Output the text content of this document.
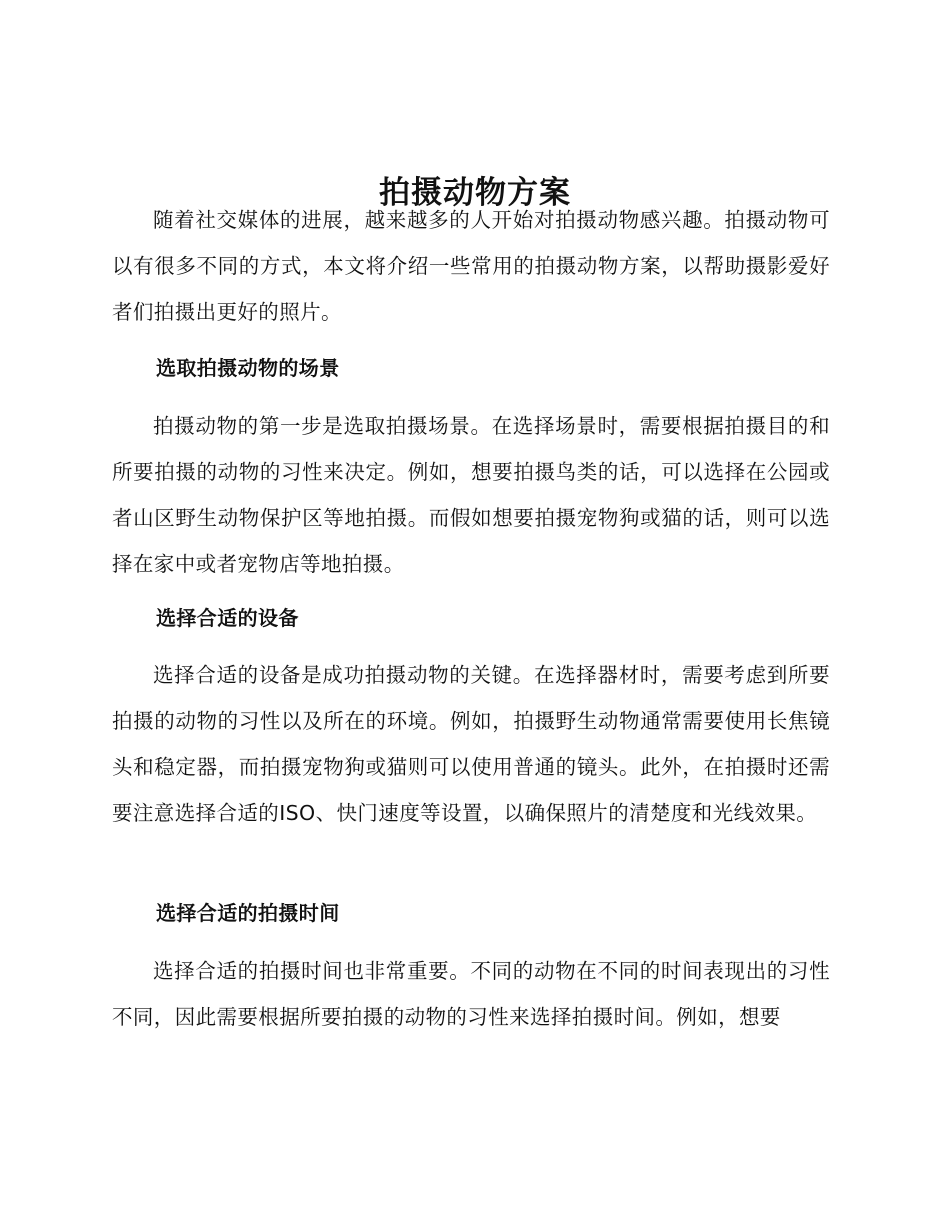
拍摄动物方案

随着社交媒体的进展，越来越多的人开始对拍摄动物感兴趣。拍摄动物可以有很多不同的方式，本文将介绍一些常用的拍摄动物方案，以帮助摄影爱好者们拍摄出更好的照片。

选取拍摄动物的场景

拍摄动物的第一步是选取拍摄场景。在选择场景时，需要根据拍摄目的和所要拍摄的动物的习性来决定。例如，想要拍摄鸟类的话，可以选择在公园或者山区野生动物保护区等地拍摄。而假如想要拍摄宠物狗或猫的话，则可以选择在家中或者宠物店等地拍摄。

选择合适的设备

选择合适的设备是成功拍摄动物的关键。在选择器材时，需要考虑到所要拍摄的动物的习性以及所在的环境。例如，拍摄野生动物通常需要使用长焦镜头和稳定器，而拍摄宠物狗或猫则可以使用普通的镜头。此外，在拍摄时还需要注意选择合适的ISO、快门速度等设置，以确保照片的清楚度和光线效果。

选择合适的拍摄时间

选择合适的拍摄时间也非常重要。不同的动物在不同的时间表现出的习性不同，因此需要根据所要拍摄的动物的习性来选择拍摄时间。例如，想要
